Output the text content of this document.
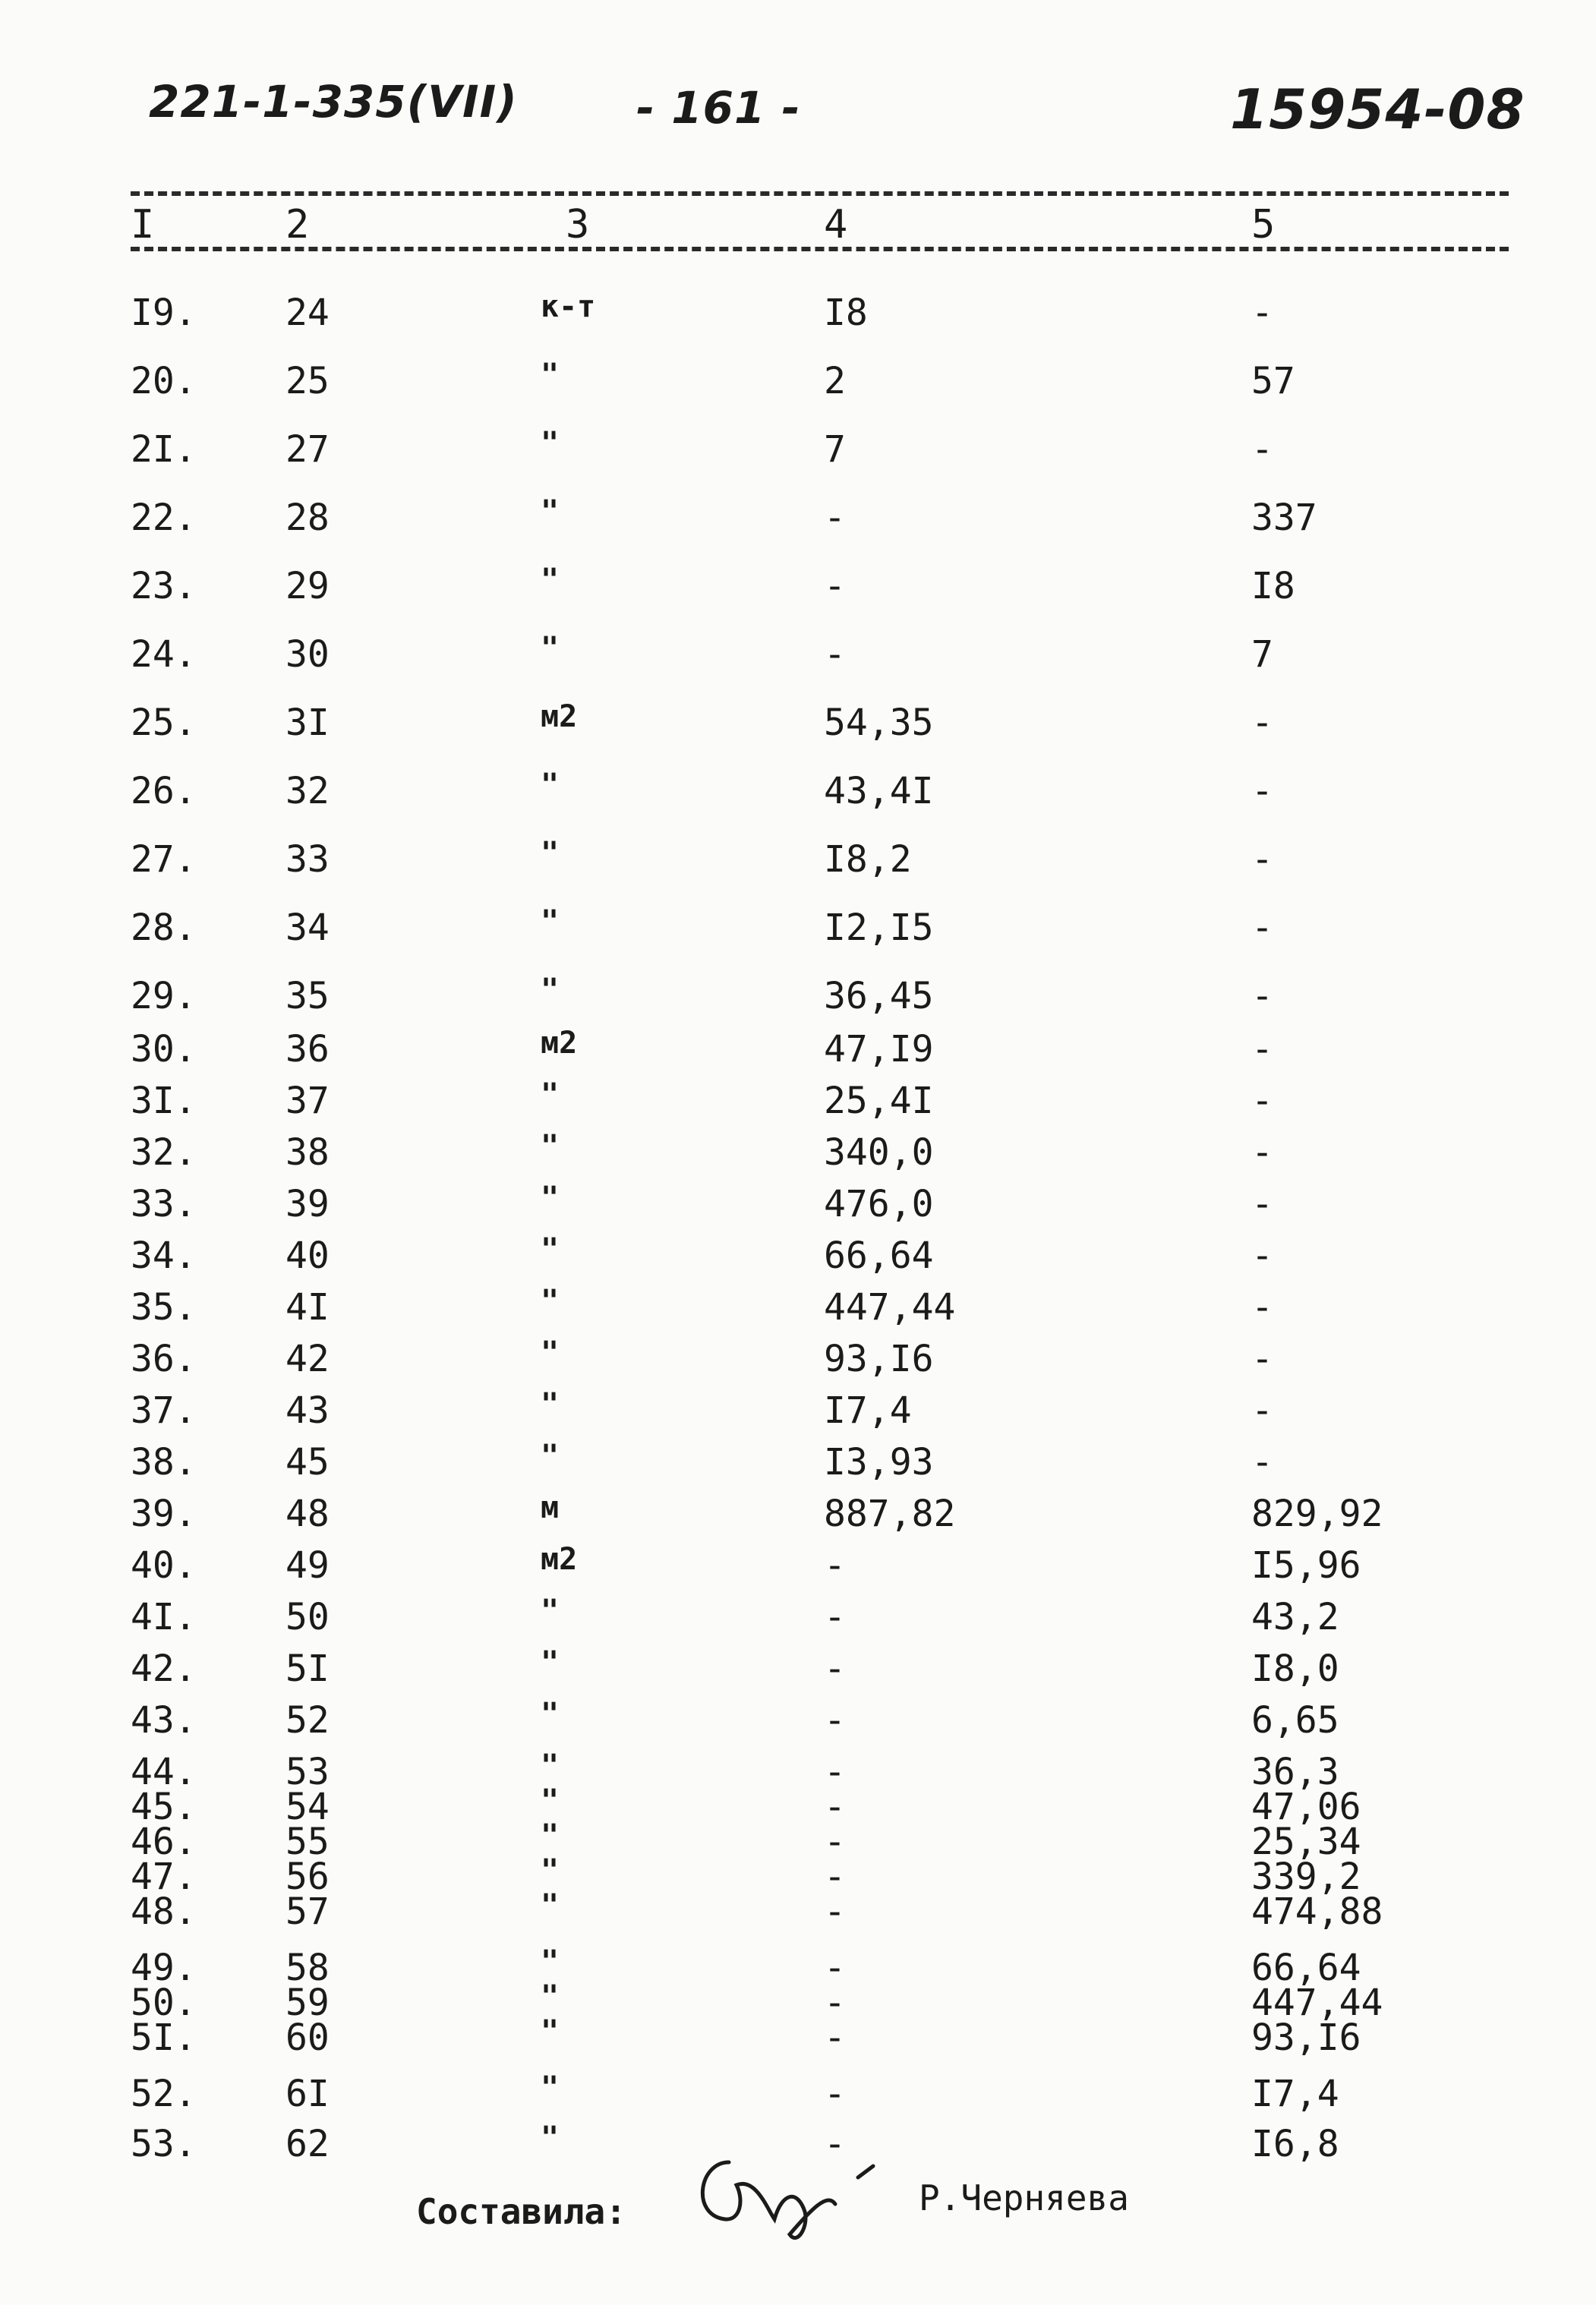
221-1-335(VII)	- 161 -	15954-08
I	2	3	4	5
I9. 24	к-т	I8	-
20. 25	"	2	57
2I. 27	"	7	-
22. 28	"	-	337
23. 29	"	-	I8
24. 30	"	-	7
25. 3I	м2	54,35	-
26. 32	"	43,4I	-
27. 33	"	I8,2	-
28. 34	"	I2,I5	-
29. 35	"	36,45	-
30. 36	м2	47,I9	-
3I. 37	"	25,4I	-
32. 38	"	340,0	-
33. 39	"	476,0	-
34. 40	"	66,64	-
35. 4I	"	447,44	-
36. 42	"	93,I6	-
37. 43	"	I7,4	-
38. 45	"	I3,93	-
39. 48	м	887,82	829,92
40. 49	м2	-	I5,96
4I. 50	"	-	43,2
42. 5I	"	-	I8,0
43. 52	"	-	6,65
44. 53	"	-	36,3
45. 54	"	-	47,06
46. 55	"	-	25,34
47. 56	"	-	339,2
48. 57	"	-	474,88
49. 58	"	-	66,64
50. 59	"	-	447,44
5I. 60	"	-	93,I6
52. 6I	"	-	I7,4
53. 62	"	-	I6,8
Составила:	Р.Черняева
